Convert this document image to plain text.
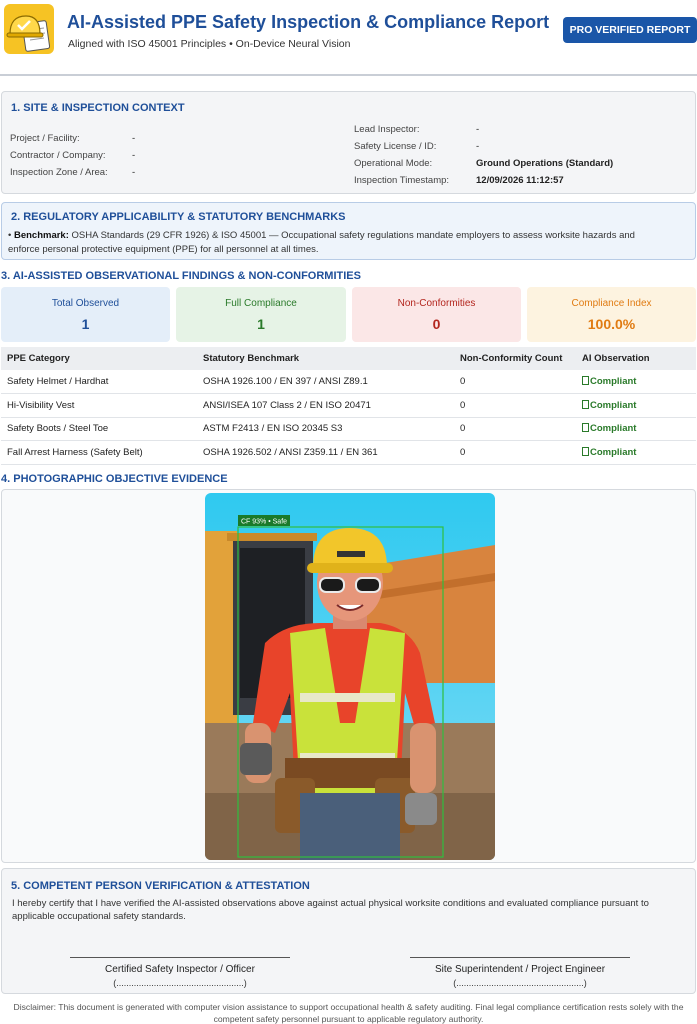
AI-Assisted PPE Safety Inspection & Compliance Report
Aligned with ISO 45001 Principles • On-Device Neural Vision
PRO VERIFIED REPORT
1. SITE & INSPECTION CONTEXT
Project / Facility:	-
Contractor / Company:	-
Inspection Zone / Area:	-
Lead Inspector:	-
Safety License / ID:	-
Operational Mode:	Ground Operations (Standard)
Inspection Timestamp:	12/09/2026 11:12:57
2. REGULATORY APPLICABILITY & STATUTORY BENCHMARKS
• Benchmark: OSHA Standards (29 CFR 1926) & ISO 45001 — Occupational safety regulations mandate employers to assess worksite hazards and enforce personal protective equipment (PPE) for all personnel at all times.
3. AI-ASSISTED OBSERVATIONAL FINDINGS & NON-CONFORMITIES
Total Observed
1
Full Compliance
1
Non-Conformities
0
Compliance Index
100.0%
PPE Category	Statutory Benchmark	Non-Conformity Count	AI Observation
Safety Helmet / Hardhat	OSHA 1926.100 / EN 397 / ANSI Z89.1	0	Compliant
Hi-Visibility Vest	ANSI/ISEA 107 Class 2 / EN ISO 20471	0	Compliant
Safety Boots / Steel Toe	ASTM F2413 / EN ISO 20345 S3	0	Compliant
Fall Arrest Harness (Safety Belt)	OSHA 1926.502 / ANSI Z359.11 / EN 361	0	Compliant
4. PHOTOGRAPHIC OBJECTIVE EVIDENCE
CF 93% • Safe
5. COMPETENT PERSON VERIFICATION & ATTESTATION
I hereby certify that I have verified the AI-assisted observations above against actual physical worksite conditions and evaluated compliance pursuant to applicable occupational safety standards.
Certified Safety Inspector / Officer
(...................................................)
Site Superintendent / Project Engineer
(...................................................)
Disclaimer: This document is generated with computer vision assistance to support occupational health & safety auditing. Final legal compliance certification rests solely with the competent safety personnel pursuant to applicable regulatory authority.
